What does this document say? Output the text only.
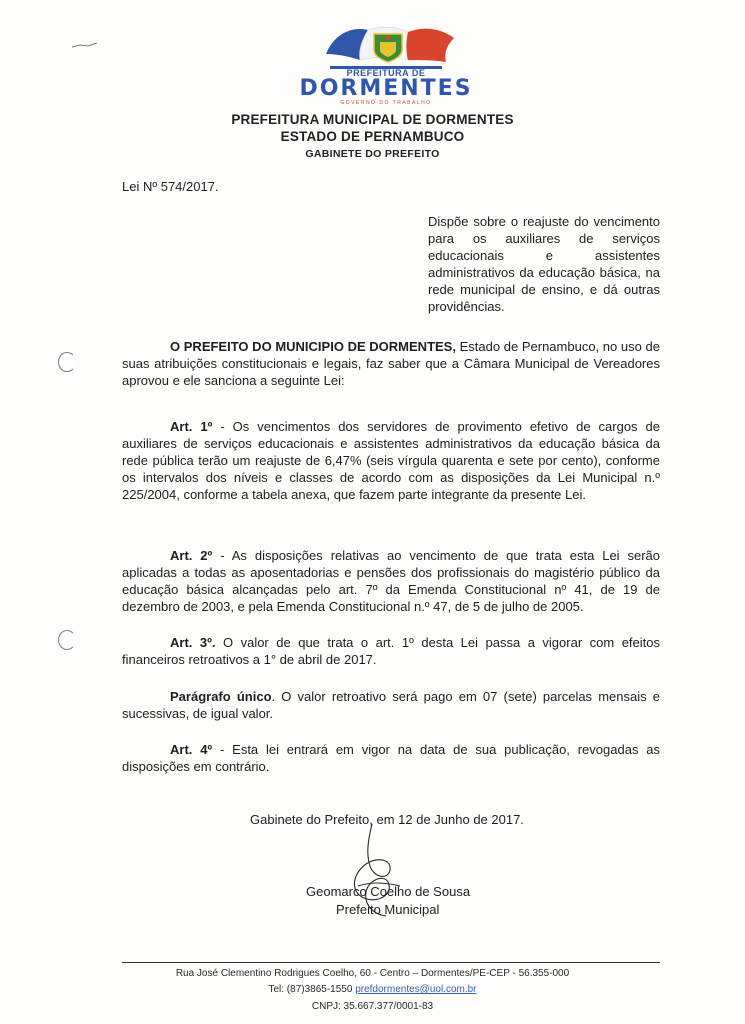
PREFEITURA DE
DORMENTES
GOVERNO DO TRABALHO
PREFEITURA MUNICIPAL DE DORMENTES
ESTADO DE PERNAMBUCO
GABINETE DO PREFEITO
Lei Nº 574/2017.
Dispõe sobre o reajuste do vencimento para os auxiliares de serviços educacionais e assistentes administrativos da educação básica, na rede municipal de ensino, e dá outras providências.
O PREFEITO DO MUNICIPIO DE DORMENTES, Estado de Pernambuco, no uso de suas atribuições constitucionais e legais, faz saber que a Câmara Municipal de Vereadores aprovou e ele sanciona a seguinte Lei:
Art. 1º - Os vencimentos dos servidores de provimento efetivo de cargos de auxiliares de serviços educacionais e assistentes administrativos da educação básica da rede pública terão um reajuste de 6,47% (seis vírgula quarenta e sete por cento), conforme os intervalos dos níveis e classes de acordo com as disposições da Lei Municipal n.º 225/2004, conforme a tabela anexa, que fazem parte integrante da presente Lei.
Art. 2º - As disposições relativas ao vencimento de que trata esta Lei serão aplicadas a todas as aposentadorias e pensões dos profissionais do magistério público da educação básica alcançadas pelo art. 7º da Emenda Constitucional nº 41, de 19 de dezembro de 2003, e pela Emenda Constitucional n.º 47, de 5 de julho de 2005.
Art. 3º. O valor de que trata o art. 1º desta Lei passa a vigorar com efeitos financeiros retroativos a 1° de abril de 2017.
Parágrafo único. O valor retroativo será pago em 07 (sete) parcelas mensais e sucessivas, de igual valor.
Art. 4º - Esta lei entrará em vigor na data de sua publicação, revogadas as disposições em contrário.
Gabinete do Prefeito, em 12 de Junho de 2017.
Geomarco Coelho de Sousa
Prefeito Municipal
Rua José Clementino Rodrigues Coelho, 60 - Centro – Dormentes/PE-CEP - 56.355-000
Tel: (87)3865-1550 prefdormentes@uol.com.br
CNPJ: 35.667.377/0001-83
